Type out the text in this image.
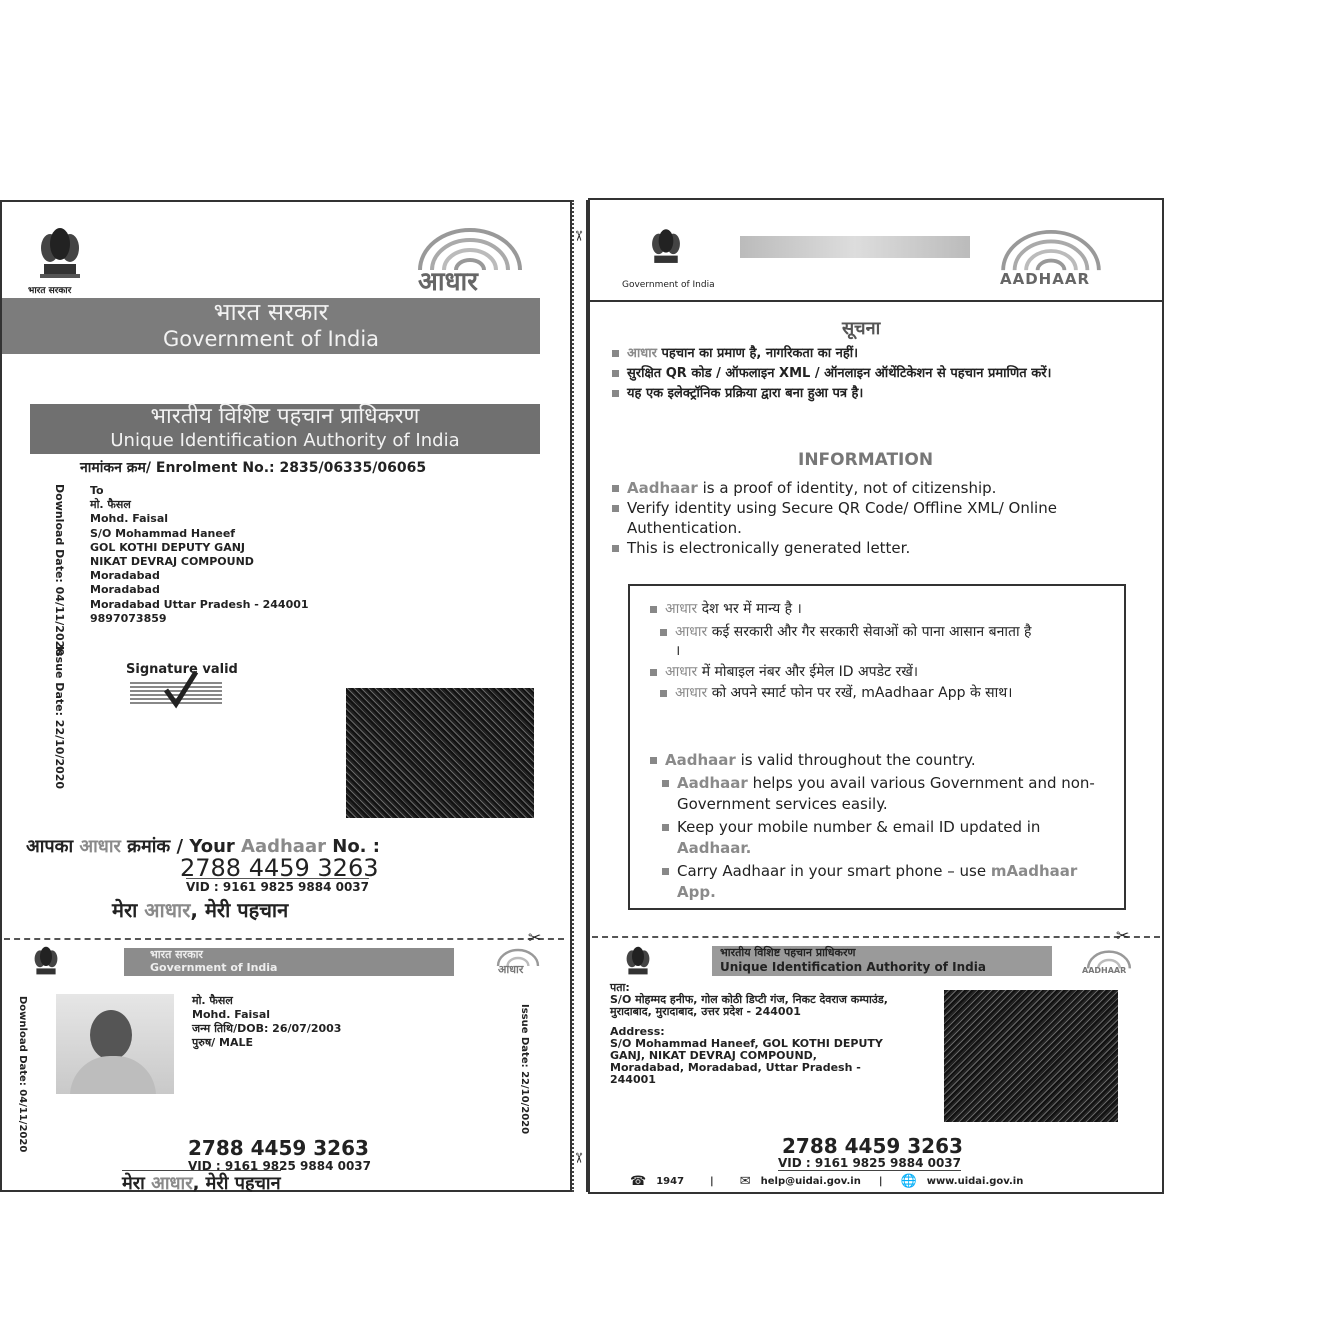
भारत सरकार	आधार
भारत सरकार
Government of India
भारतीय विशिष्ट पहचान प्राधिकरण
Unique Identification Authority of India
नामांकन क्रम/ Enrolment No.: 2835/06335/06065
Download Date: 04/11/2020
Issue Date: 22/10/2020
To
मो. फैसल
Mohd. Faisal
S/O Mohammad Haneef
GOL KOTHI DEPUTY GANJ
NIKAT DEVRAJ COMPOUND
Moradabad
Moradabad
Moradabad Uttar Pradesh - 244001
9897073859
Signature valid
आपका आधार क्रमांक / Your Aadhaar No. :
2788 4459 3263
VID : 9161 9825 9884 0037
मेरा आधार, मेरी पहचान
✂
भारत सरकार
Government of India	आधार
Download Date: 04/11/2020	Issue Date: 22/10/2020
मो. फैसल
Mohd. Faisal
जन्म तिथि/DOB: 26/07/2003
पुरुष/ MALE
2788 4459 3263
VID : 9161 9825 9884 0037
मेरा आधार, मेरी पहचान
✂
✂
Government of India	AADHAAR
सूचना
आधार पहचान का प्रमाण है, नागरिकता का नहीं।
सुरक्षित QR कोड / ऑफलाइन XML / ऑनलाइन ऑथेंटिकेशन से पहचान प्रमाणित करें।
यह एक इलेक्ट्रॉनिक प्रक्रिया द्वारा बना हुआ पत्र है।
INFORMATION
Aadhaar is a proof of identity, not of citizenship.
Verify identity using Secure QR Code/ Offline XML/ Online Authentication.
This is electronically generated letter.
आधार देश भर में मान्य है ।
आधार कई सरकारी और गैर सरकारी सेवाओं को पाना आसान बनाता है ।
आधार में मोबाइल नंबर और ईमेल ID अपडेट रखें।
आधार को अपने स्मार्ट फोन पर रखें, mAadhaar App के साथ।
Aadhaar is valid throughout the country.
Aadhaar helps you avail various Government and non-Government services easily.
Keep your mobile number & email ID updated in Aadhaar.
Carry Aadhaar in your smart phone – use mAadhaar App.
✂
भारतीय विशिष्ट पहचान प्राधिकरण
Unique Identification Authority of India	AADHAAR
पता:
S/O मोहम्मद हनीफ, गोल कोठी डिप्टी गंज, निकट देवराज कम्पाउंड, मुरादाबाद, मुरादाबाद, उत्तर प्रदेश - 244001
Address:
S/O Mohammad Haneef, GOL KOTHI DEPUTY GANJ, NIKAT DEVRAJ COMPOUND, Moradabad, Moradabad, Uttar Pradesh - 244001
2788 4459 3263
VID : 9161 9825 9884 0037
☎ 1947	| ✉ help@uidai.gov.in | 🌐 www.uidai.gov.in
